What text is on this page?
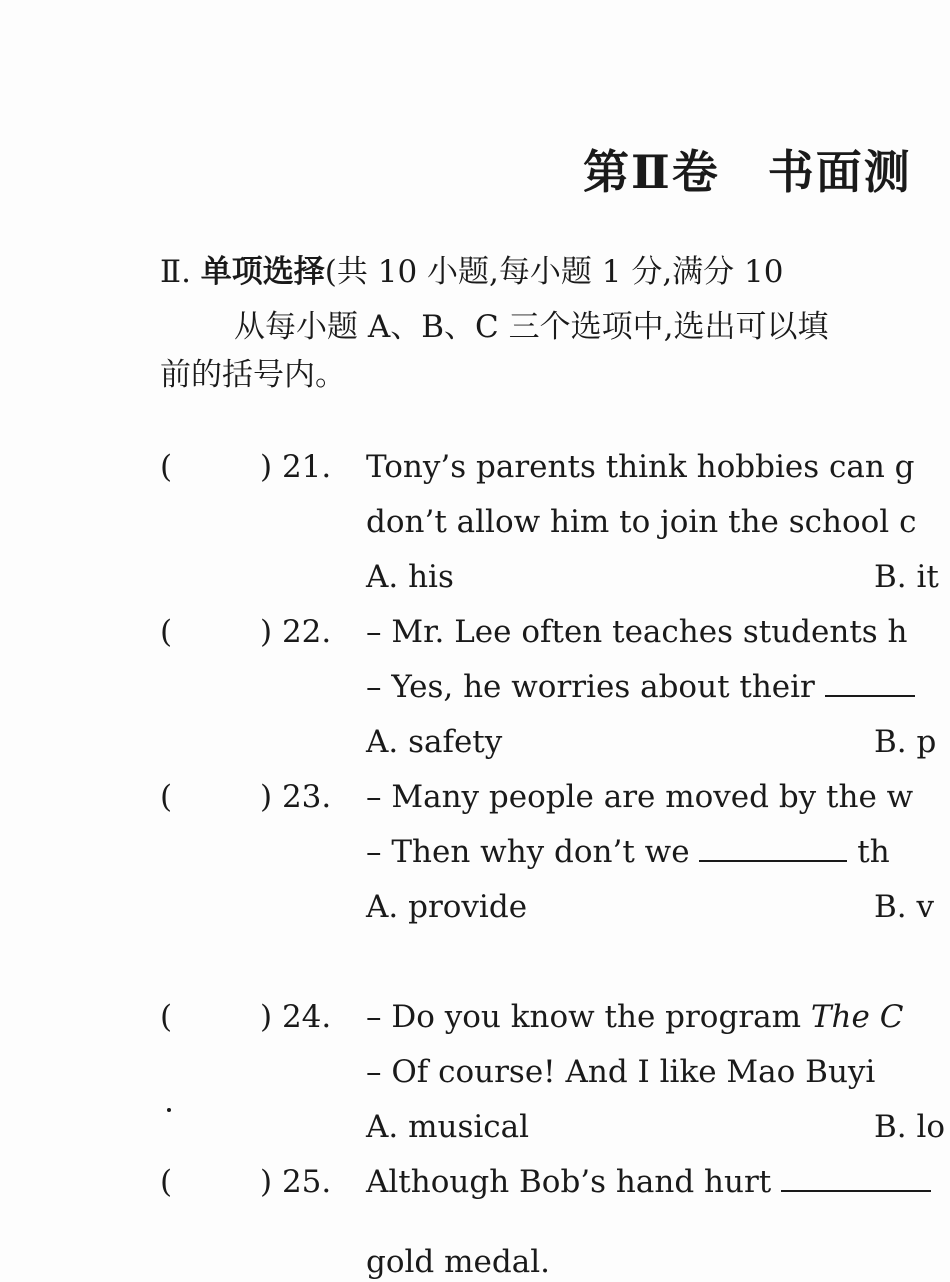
第Ⅱ卷　书面测
Ⅱ. 单项选择(共 10 小题,每小题 1 分,满分 10
从每小题 A、B、C 三个选项中,选出可以填
前的括号内。
(	) 21. Tony’s parents think hobbies can g
don’t allow him to join the school c
A. his	B. it
(	) 22. – Mr. Lee often teaches students h
– Yes, he worries about their
A. safety	B. p
(	) 23. – Many people are moved by the w
– Then why don’t we	th
A. provide	B. v
(	) 24. – Do you know the program The C
– Of course! And I like Mao Buyi
A. musical	B. lo
(	) 25. Although Bob’s hand hurt
gold medal.
